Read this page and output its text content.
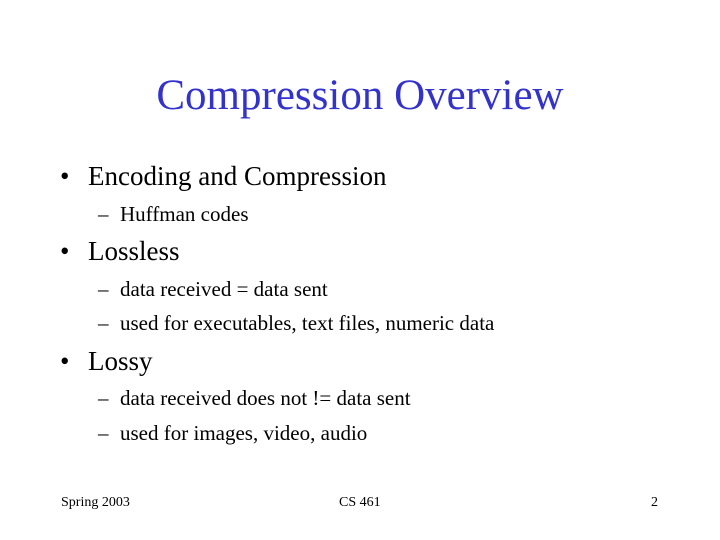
Compression Overview
• Encoding and Compression
– Huffman codes
• Lossless
– data received = data sent
– used for executables, text files, numeric data
• Lossy
– data received does not != data sent
– used for images, video, audio
Spring 2003	CS 461	2
